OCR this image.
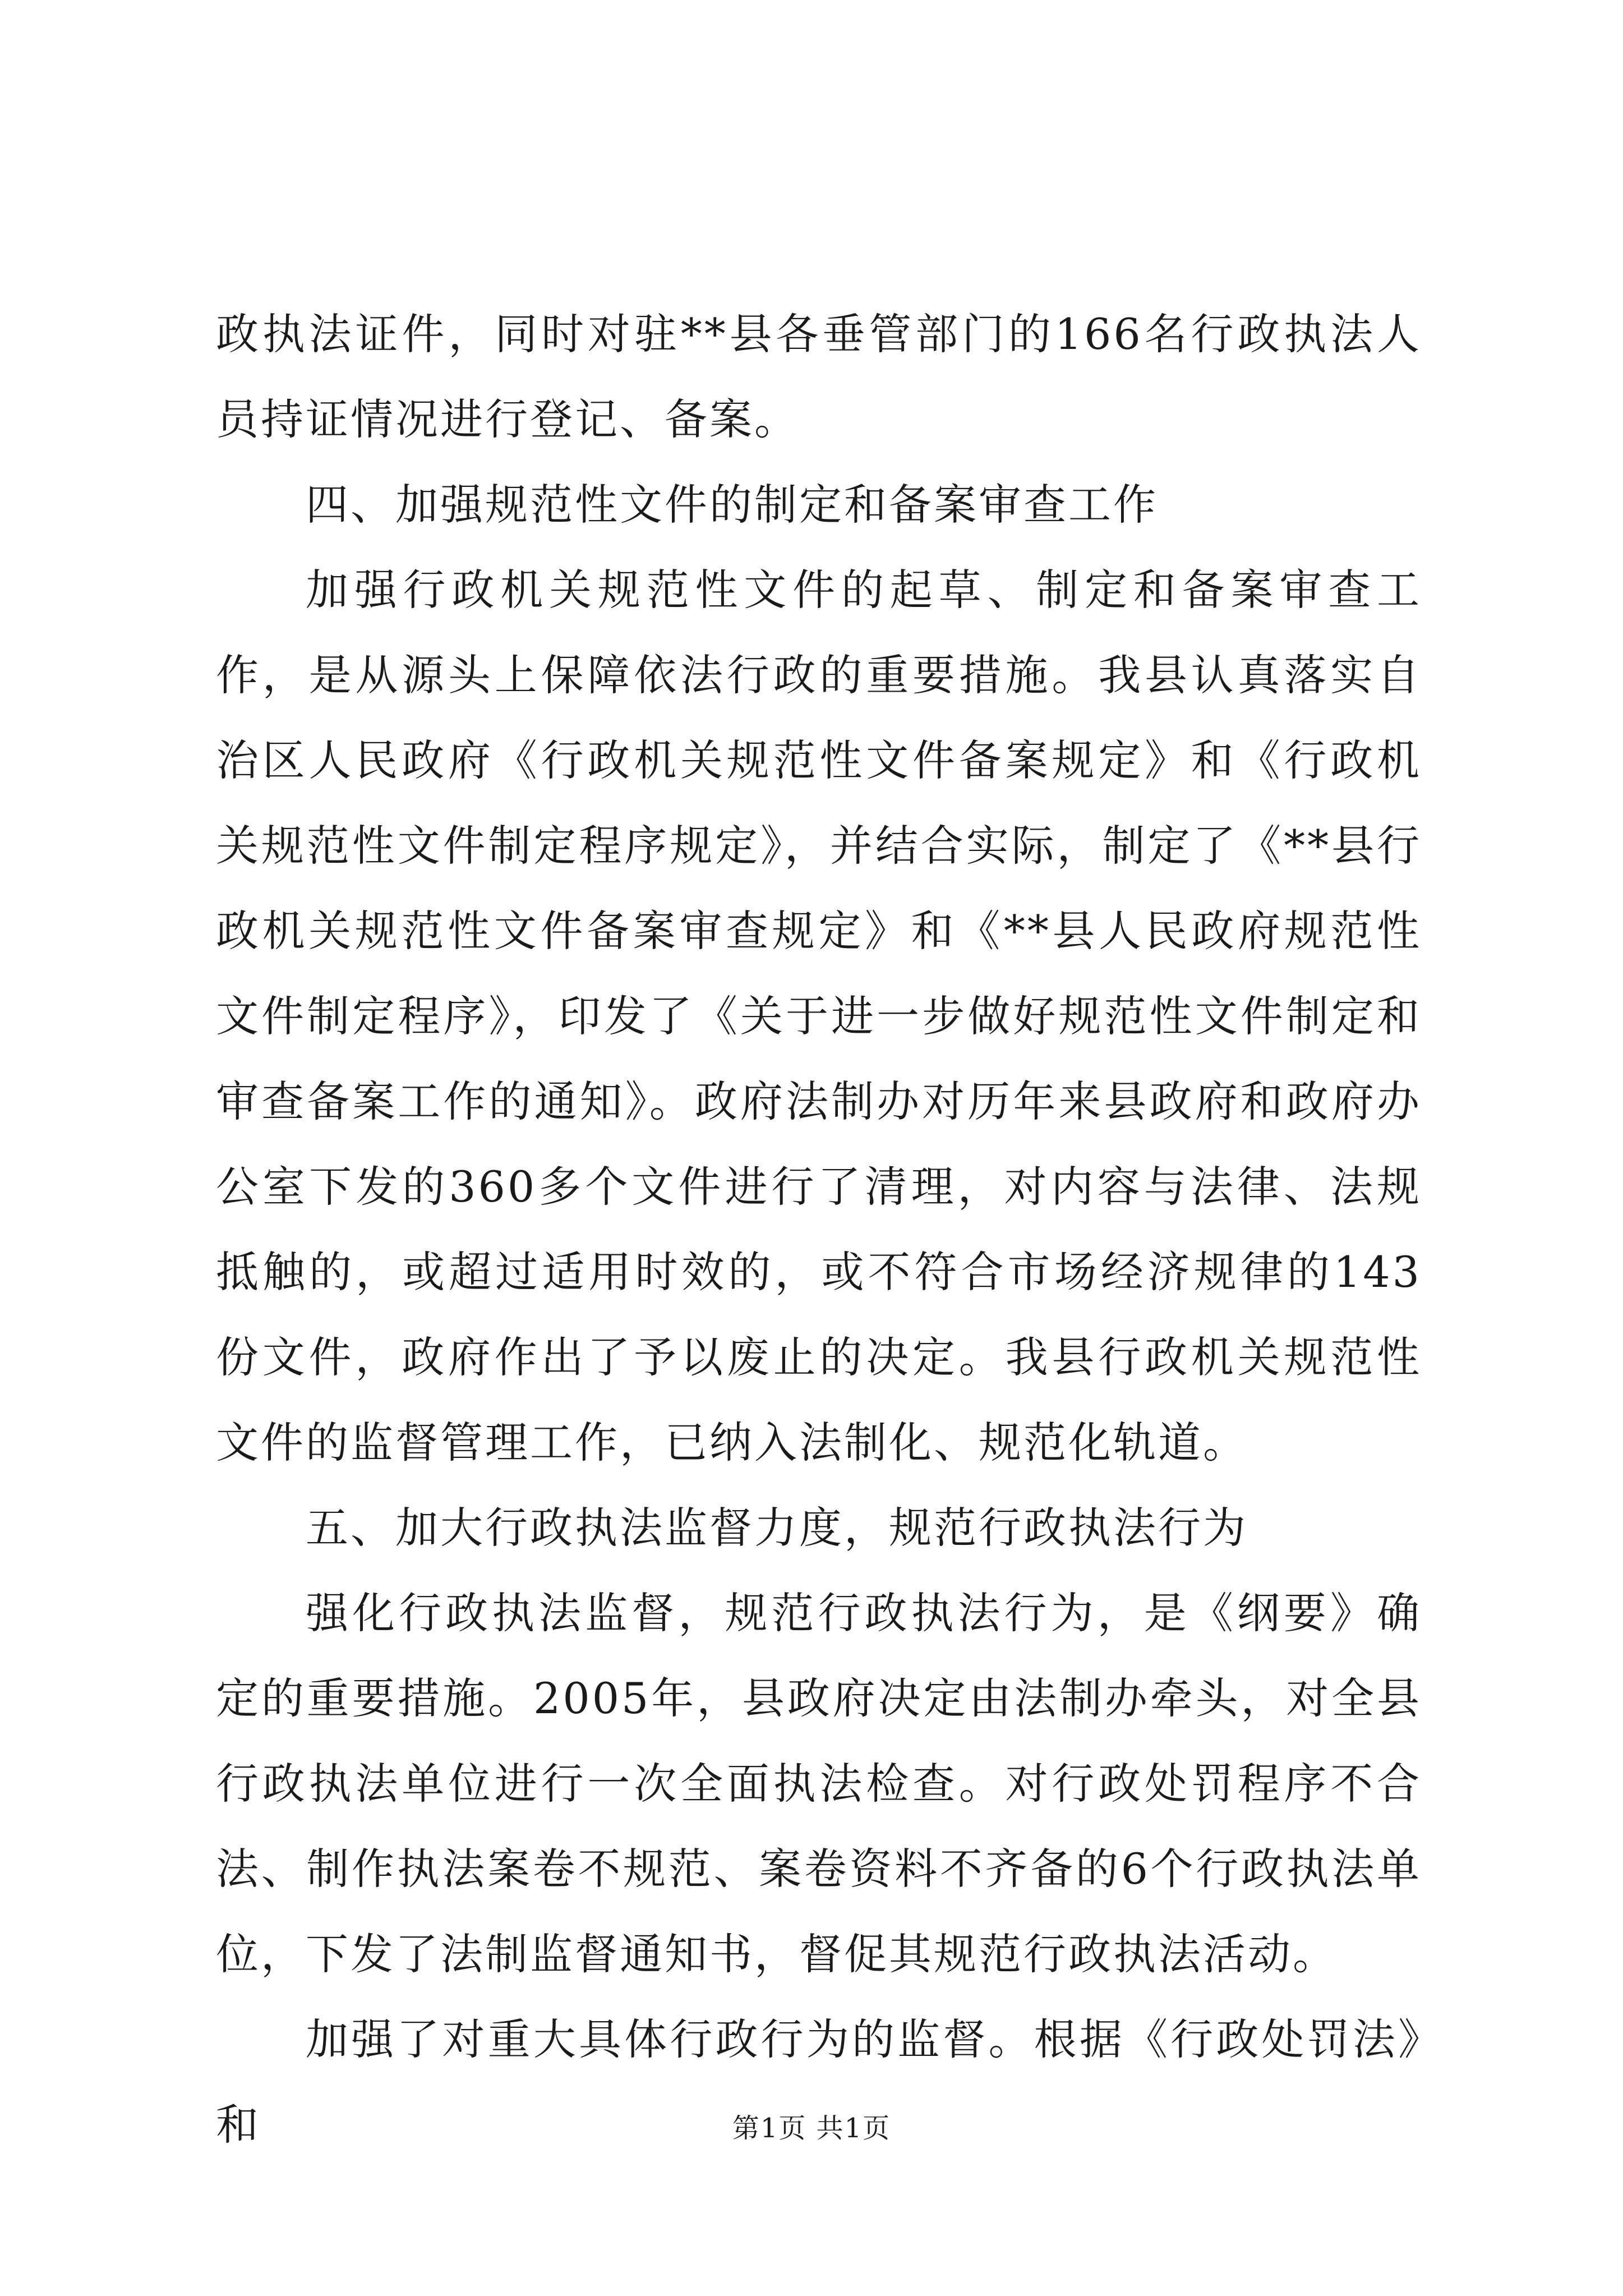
政执法证件，同时对驻**县各垂管部门的166名行政执法人员持证情况进行登记、备案。

四、加强规范性文件的制定和备案审查工作

加强行政机关规范性文件的起草、制定和备案审查工作，是从源头上保障依法行政的重要措施。我县认真落实自治区人民政府《行政机关规范性文件备案规定》和《行政机关规范性文件制定程序规定》，并结合实际，制定了《**县行政机关规范性文件备案审查规定》和《**县人民政府规范性文件制定程序》，印发了《关于进一步做好规范性文件制定和审查备案工作的通知》。政府法制办对历年来县政府和政府办公室下发的360多个文件进行了清理，对内容与法律、法规抵触的，或超过适用时效的，或不符合市场经济规律的143份文件，政府作出了予以废止的决定。我县行政机关规范性文件的监督管理工作，已纳入法制化、规范化轨道。

五、加大行政执法监督力度，规范行政执法行为

强化行政执法监督，规范行政执法行为，是《纲要》确定的重要措施。2005年，县政府决定由法制办牵头，对全县行政执法单位进行一次全面执法检查。对行政处罚程序不合法、制作执法案卷不规范、案卷资料不齐备的6个行政执法单位，下发了法制监督通知书，督促其规范行政执法活动。

加强了对重大具体行政行为的监督。根据《行政处罚法》和	第1页 共1页
